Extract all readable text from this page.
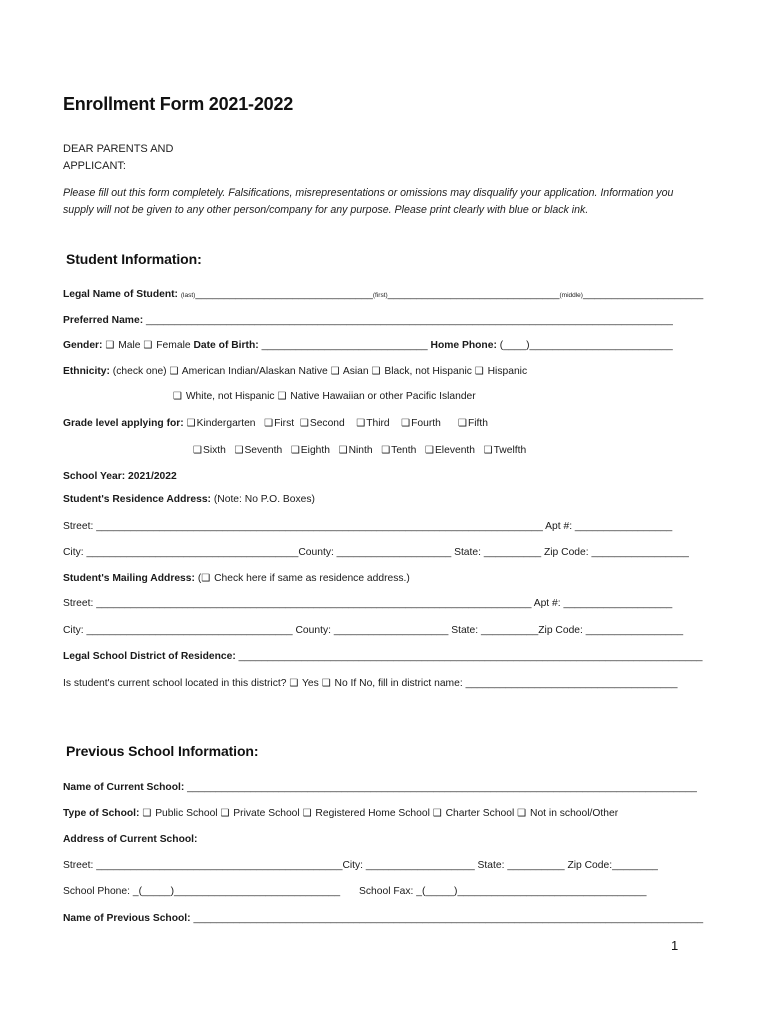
Enrollment Form 2021-2022
DEAR PARENTS AND
APPLICANT:
Please fill out this form completely. Falsifications, misrepresentations or omissions may disqualify your application. Information you supply will not be given to any other person/company for any purpose. Please print clearly with blue or black ink.
Student Information:
Legal Name of Student: (last)_______________________________(first)______________________________(middle)_____________________
Preferred Name: ____________________________________________________________________________________________
Gender: ❑ Male ❑ Female Date of Birth: _____________________________ Home Phone: (____)_________________________
Ethnicity: (check one) ❑ American Indian/Alaskan Native ❑ Asian ❑ Black, not Hispanic ❑ Hispanic
❑ White, not Hispanic ❑ Native Hawaiian or other Pacific Islander
Grade level applying for: ❑Kindergarten ❑First ❑Second ❑Third ❑Fourth ❑Fifth
❑Sixth ❑Seventh ❑Eighth ❑Ninth ❑Tenth ❑Eleventh ❑Twelfth
School Year: 2021/2022
Student's Residence Address: (Note: No P.O. Boxes)
Street: ______________________________________________________________________________ Apt #: _________________
City: _____________________________________County: ____________________ State: __________ Zip Code: _________________
Student's Mailing Address: (❑ Check here if same as residence address.)
Street: ____________________________________________________________________________ Apt #: ___________________
City: ____________________________________ County: ____________________ State: __________Zip Code: _________________
Legal School District of Residence: _________________________________________________________________________________
Is student's current school located in this district? ❑ Yes ❑ No If No, fill in district name: _____________________________________
Previous School Information:
Name of Current School: _________________________________________________________________________________________
Type of School: ❑ Public School ❑ Private School ❑ Registered Home School ❑ Charter School ❑ Not in school/Other
Address of Current School:
Street: ___________________________________________City: ___________________ State: __________ Zip Code:________
School Phone: _(_____)_____________________________ School Fax: _(_____)_________________________________
Name of Previous School: _________________________________________________________________________________________
1
